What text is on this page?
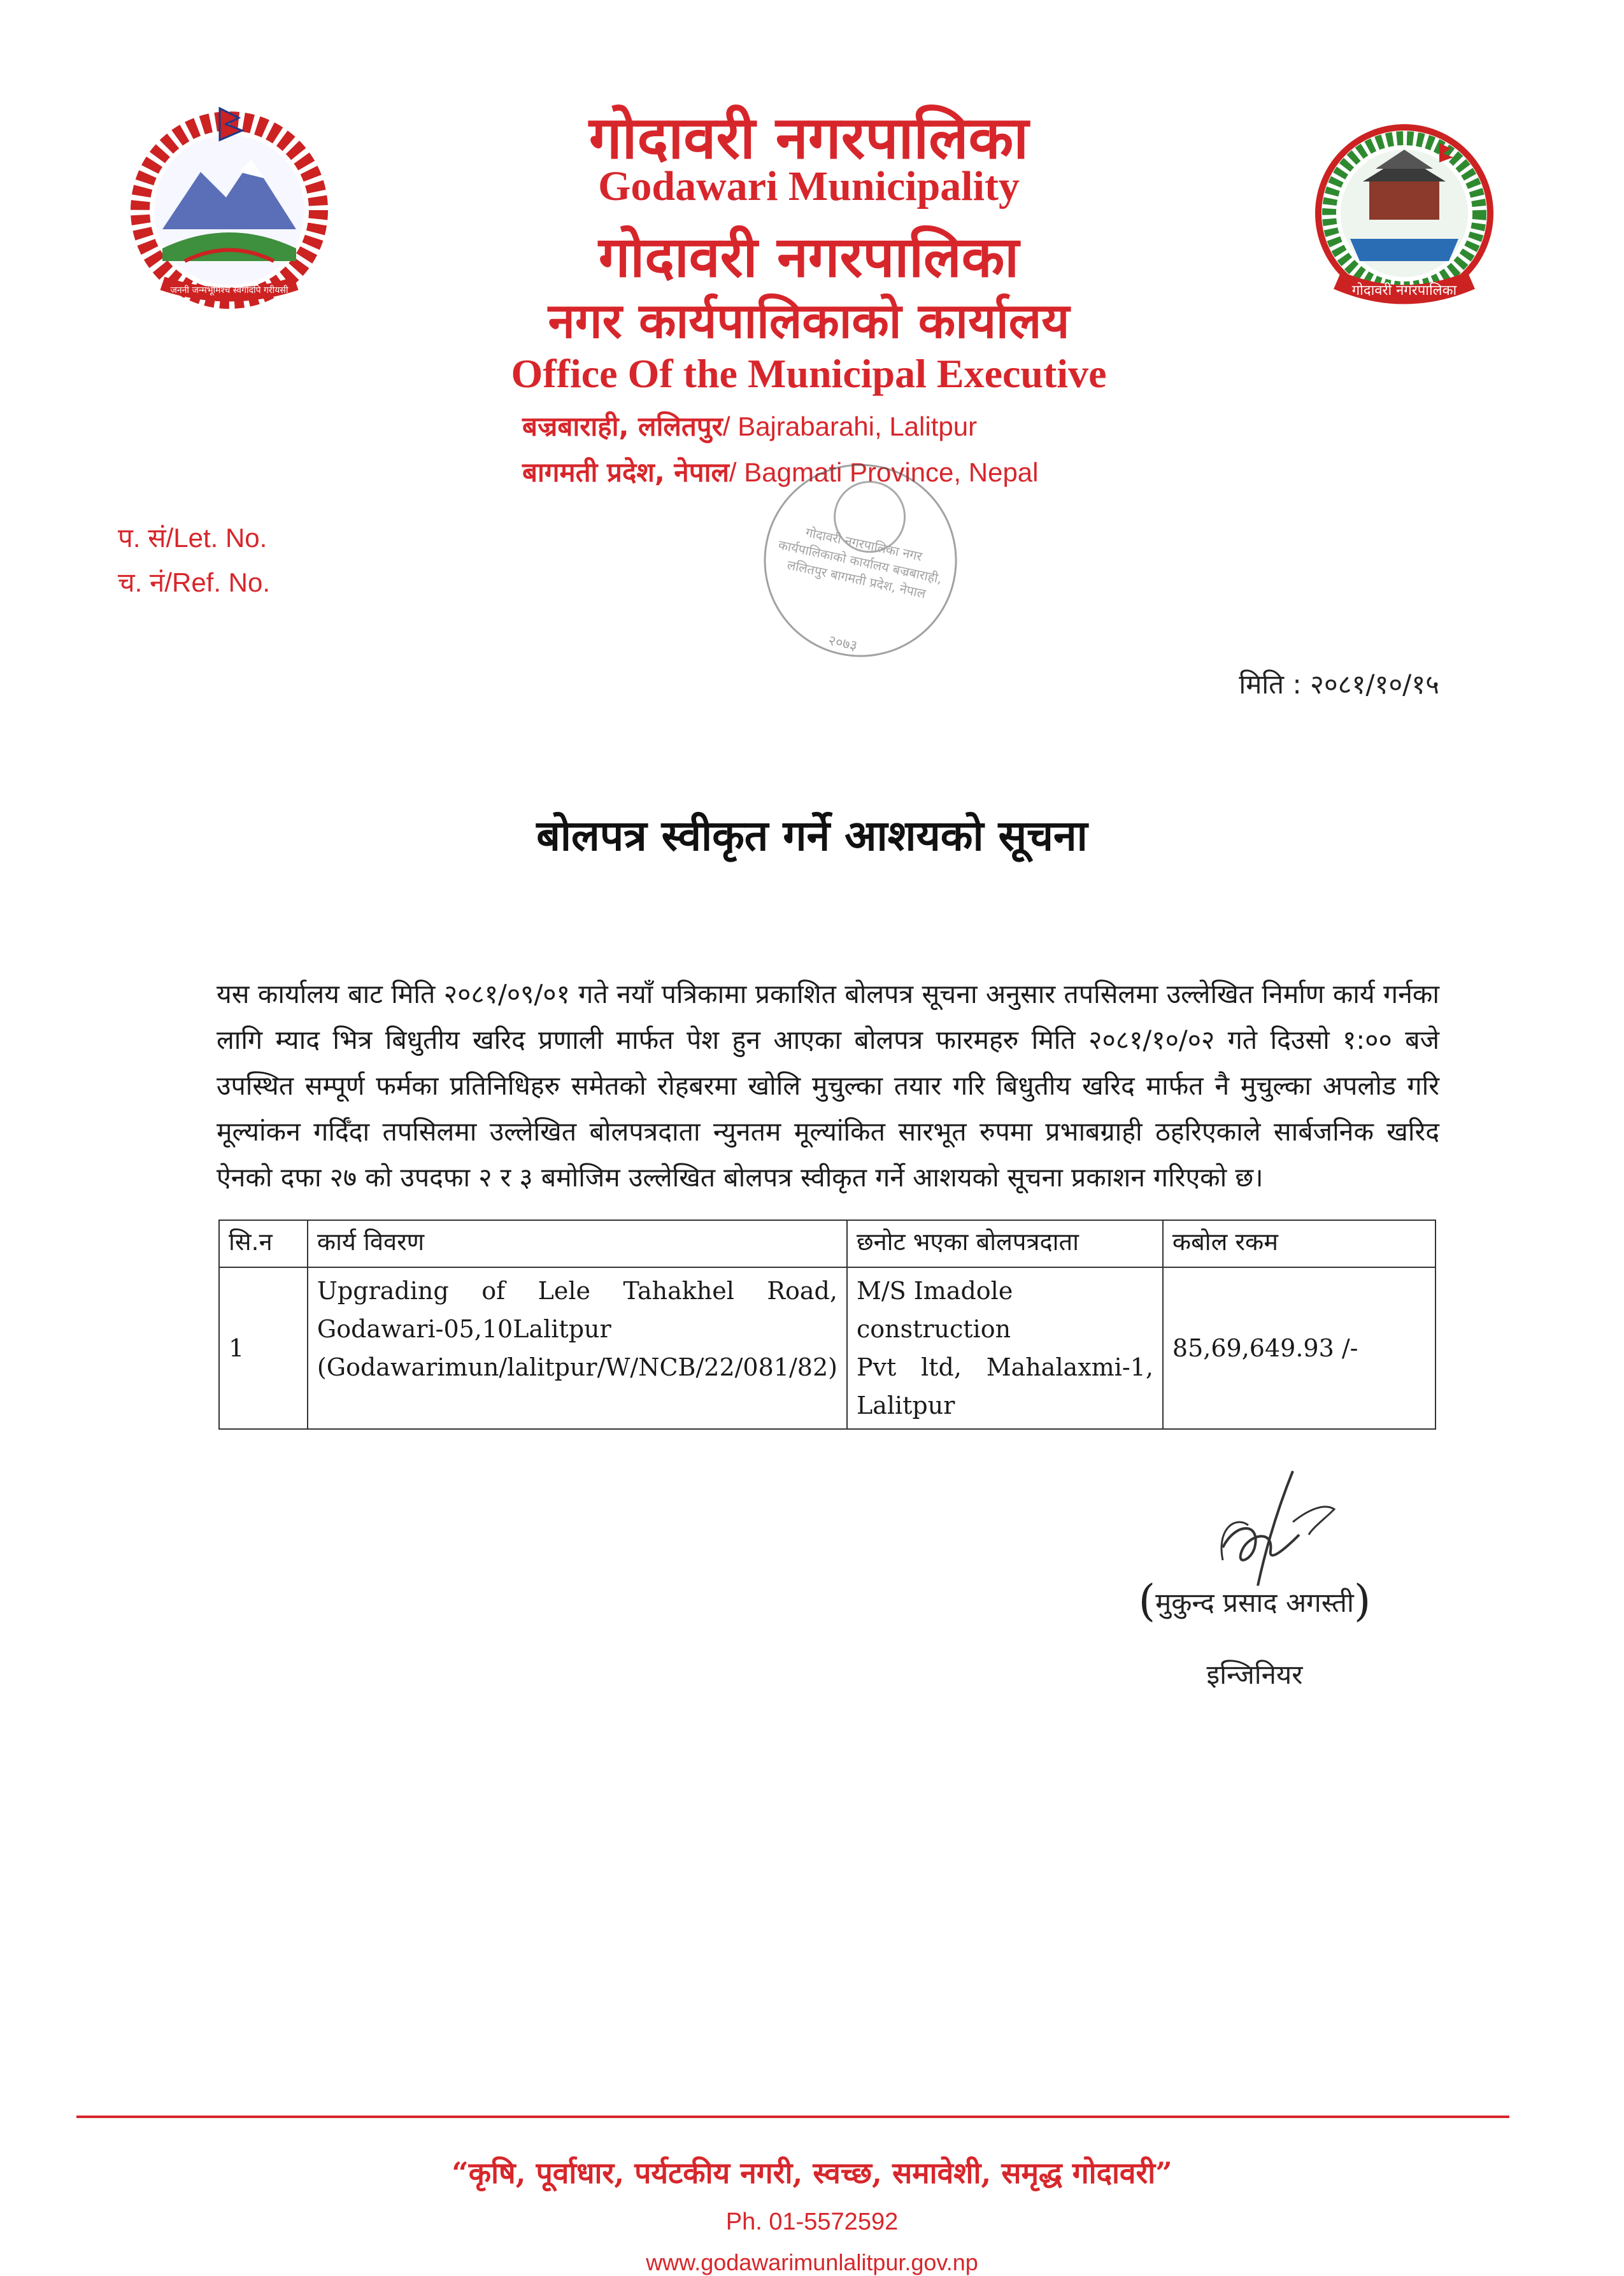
जननी जन्मभूमिश्च स्वर्गादपि गरीयसी	गोदावरी नगरपालिका
गोदावरी नगरपालिका
Godawari Municipality
गोदावरी नगरपालिका
नगर कार्यपालिकाको कार्यालय
Office Of the Municipal Executive
बज्रबाराही, ललितपुर/ Bajrabarahi, Lalitpur
बागमती प्रदेश, नेपाल/ Bagmati Province, Nepal
गोदावरी नगरपालिका नगर कार्यपालिकाको कार्यालय बज्रबाराही, ललितपुर बागमती प्रदेश, नेपाल
२०७३
प. सं/Let. No.
च. नं/Ref. No.
मिति : २०८१/१०/१५
बोलपत्र स्वीकृत गर्ने आशयको सूचना
यस कार्यालय बाट मिति २०८१/०९/०१ गते नयाँ पत्रिकामा प्रकाशित बोलपत्र सूचना अनुसार तपसिलमा उल्लेखित निर्माण कार्य गर्नका लागि म्याद भित्र बिधुतीय खरिद प्रणाली मार्फत पेश हुन आएका बोलपत्र फारमहरु मिति २०८१/१०/०२ गते दिउसो १:०० बजे उपस्थित सम्पूर्ण फर्मका प्रतिनिधिहरु समेतको रोहबरमा खोलि मुचुल्का तयार गरि बिधुतीय खरिद मार्फत नै मुचुल्का अपलोड गरि मूल्यांकन गर्दिँदा तपसिलमा उल्लेखित बोलपत्रदाता न्युनतम मूल्यांकित सारभूत रुपमा प्रभाबग्राही ठहरिएकाले सार्बजनिक खरिद ऐनको दफा २७ को उपदफा २ र ३ बमोजिम उल्लेखित बोलपत्र स्वीकृत गर्ने आशयको सूचना प्रकाशन गरिएको छ।
सि.न	कार्य विवरण	छनोट भएका बोलपत्रदाता	कबोल रकम
1	Upgrading of Lele Tahakhel Road,
Godawari-05,10Lalitpur
(Godawarimun/lalitpur/W/NCB/22/081/82)	M/S Imadole construction
Pvt ltd, Mahalaxmi-1,
Lalitpur	85,69,649.93 /-
(मुकुन्द प्रसाद अगस्ती)
इन्जिनियर
“कृषि, पूर्वाधार, पर्यटकीय नगरी, स्वच्छ, समावेशी, समृद्ध गोदावरी”
Ph. 01-5572592
www.godawarimunlalitpur.gov.np
